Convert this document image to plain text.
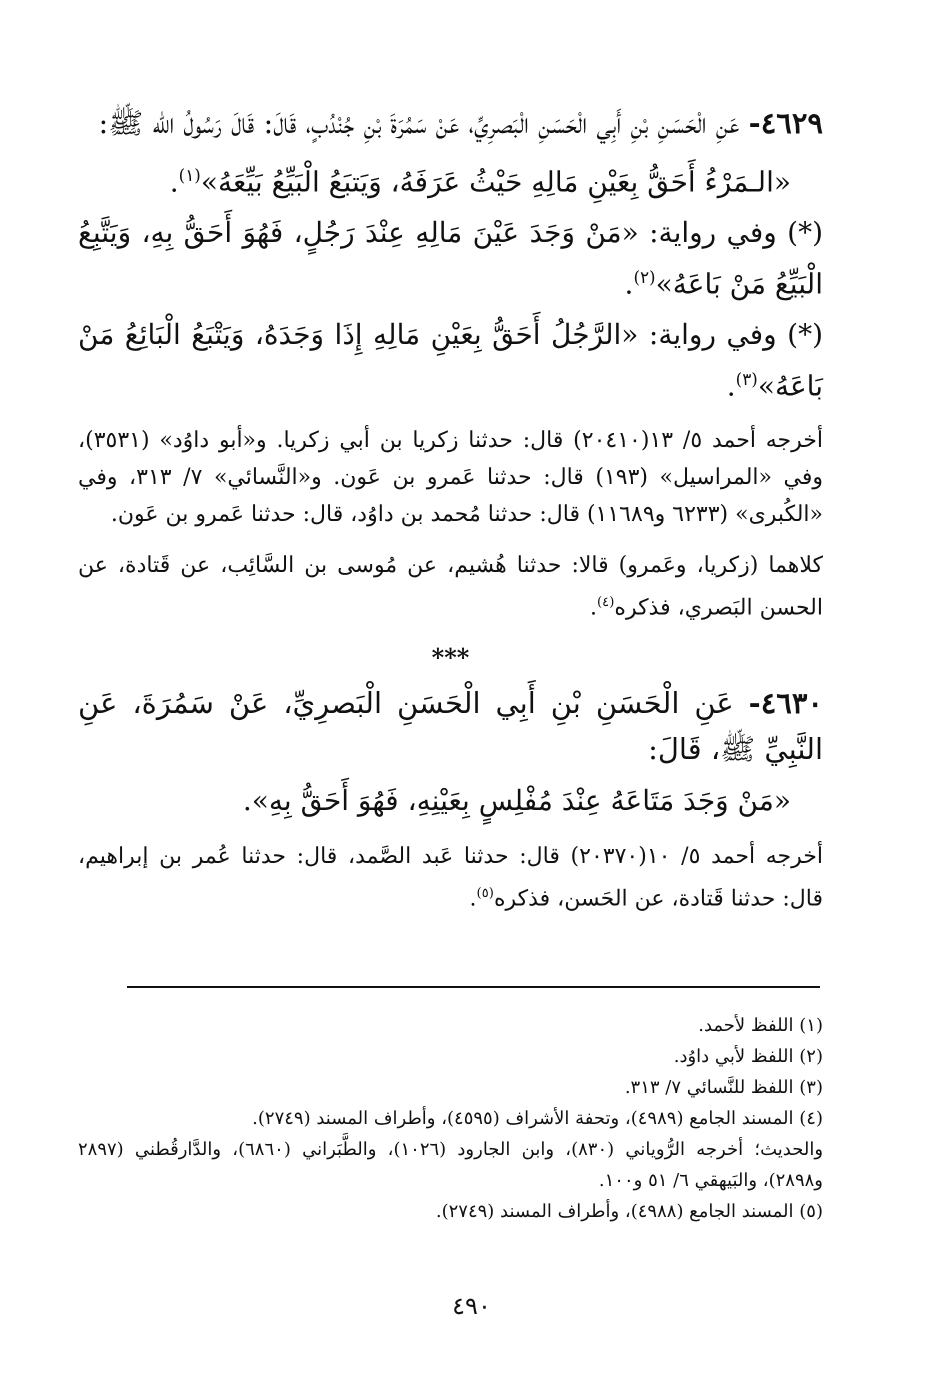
٤٦٢٩- عَنِ الْحَسَنِ بْنِ أَبِي الْحَسَنِ الْبَصرِيِّ، عَنْ سَمُرَةَ بْنِ جُنْدُبٍ، قَالَ: قَالَ رَسُولُ الله ﷺ:

«الـمَرْءُ أَحَقُّ بِعَيْنِ مَالِهِ حَيْثُ عَرَفَهُ، وَيَتبَعُ الْبَيِّعُ بَيِّعَهُ»$^{(١)}$.

(*) وفي رواية: «مَنْ وَجَدَ عَيْنَ مَالِهِ عِنْدَ رَجُلٍ، فَهُوَ أَحَقُّ بِهِ، وَيَتَّبِعُ الْبَيِّعُ مَنْ بَاعَهُ»$^{(٢)}$.

(*) وفي رواية: «الرَّجُلُ أَحَقُّ بِعَيْنِ مَالِهِ إِذَا وَجَدَهُ، وَيَتْبَعُ الْبَائِعُ مَنْ بَاعَهُ»$^{(٣)}$.

أخرجه أحمد ٥/ ١٣(٢٠٤١٠) قال: حدثنا زكريا بن أبي زكريا. و«أبو داوُد» (٣٥٣١)، وفي «المراسيل» (١٩٣) قال: حدثنا عَمرو بن عَون. و«النَّسائي» ٧/ ٣١٣، وفي «الكُبرى» (٦٢٣٣ و١١٦٨٩) قال: حدثنا مُحمد بن داوُد، قال: حدثنا عَمرو بن عَون.

كلاهما (زكريا، وعَمرو) قالا: حدثنا هُشيم، عن مُوسى بن السَّائِب، عن قَتادة، عن الحسن البَصري، فذكره$^{(٤)}$.

***

٤٦٣٠- عَنِ الْحَسَنِ بْنِ أَبِي الْحَسَنِ الْبَصرِيِّ، عَنْ سَمُرَةَ، عَنِ النَّبِيِّ ﷺ، قَالَ:

«مَنْ وَجَدَ مَتَاعَهُ عِنْدَ مُفْلِسٍ بِعَيْنِهِ، فَهُوَ أَحَقُّ بِهِ».

أخرجه أحمد ٥/ ١٠(٢٠٣٧٠) قال: حدثنا عَبد الصَّمد، قال: حدثنا عُمر بن إبراهيم، قال: حدثنا قَتادة، عن الحَسن، فذكره$^{(٥)}$.

(١) اللفظ لأحمد.

(٢) اللفظ لأبي داوُد.

(٣) اللفظ للنَّسائي ٧/ ٣١٣.

(٤) المسند الجامع (٤٩٨٩)، وتحفة الأشراف (٤٥٩٥)، وأطراف المسند (٢٧٤٩).

والحديث؛ أخرجه الرُّوياني (٨٣٠)، وابن الجارود (١٠٢٦)، والطَّبَراني (٦٨٦٠)، والدَّارقُطني (٢٨٩٧ و٢٨٩٨)، والبَيهقي ٦/ ٥١ و١٠٠.

(٥) المسند الجامع (٤٩٨٨)، وأطراف المسند (٢٧٤٩).

٤٩٠
